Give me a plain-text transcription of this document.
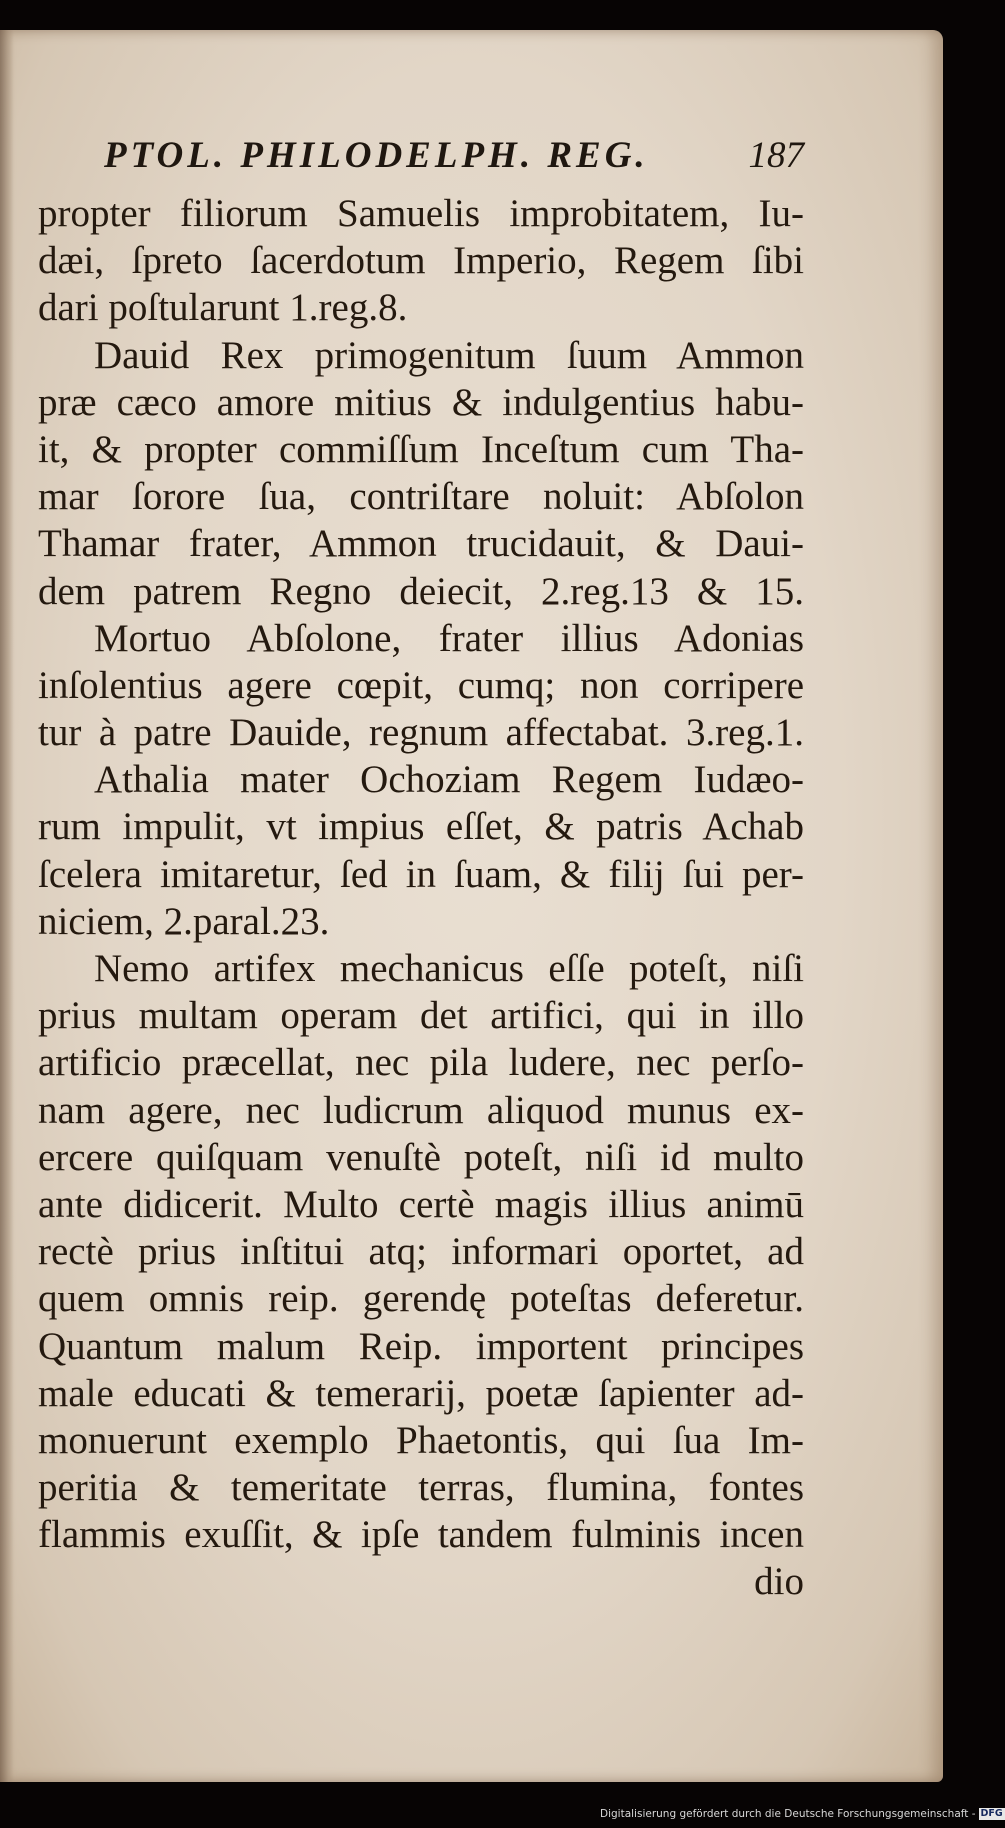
PTOL. PHILODELPH. REG.	187
propter filiorum Samuelis improbitatem, Iu-
dæi, ſpreto ſacerdotum Imperio, Regem ſibi
dari poſtularunt 1.reg.8.
Dauid Rex primogenitum ſuum Ammon
præ cæco amore mitius & indulgentius habu-
it, & propter commiſſum Inceſtum cum Tha-
mar ſorore ſua, contriſtare noluit: Abſolon
Thamar frater, Ammon trucidauit, & Daui-
dem patrem Regno deiecit, 2.reg.13 & 15.
Mortuo Abſolone, frater illius Adonias
inſolentius agere cœpit, cumq; non corripere
tur à patre Dauide, regnum affectabat. 3.reg.1.
Athalia mater Ochoziam Regem Iudæo-
rum impulit, vt impius eſſet, & patris Achab
ſcelera imitaretur, ſed in ſuam, & filij ſui per-
niciem, 2.paral.23.
Nemo artifex mechanicus eſſe poteſt, niſi
prius multam operam det artifici, qui in illo
artificio præcellat, nec pila ludere, nec perſo-
nam agere, nec ludicrum aliquod munus ex-
ercere quiſquam venuſtè poteſt, niſi id multo
ante didicerit. Multo certè magis illius animū
rectè prius inſtitui atq; informari oportet, ad
quem omnis reip. gerendę poteſtas deferetur.
Quantum malum Reip. importent principes
male educati & temerarij, poetæ ſapienter ad-
monuerunt exemplo Phaetontis, qui ſua Im-
peritia & temeritate terras, flumina, fontes
flammis exuſſit, & ipſe tandem fulminis incen
dio
Digitalisierung gefördert durch die Deutsche Forschungsgemeinschaft - DFG
